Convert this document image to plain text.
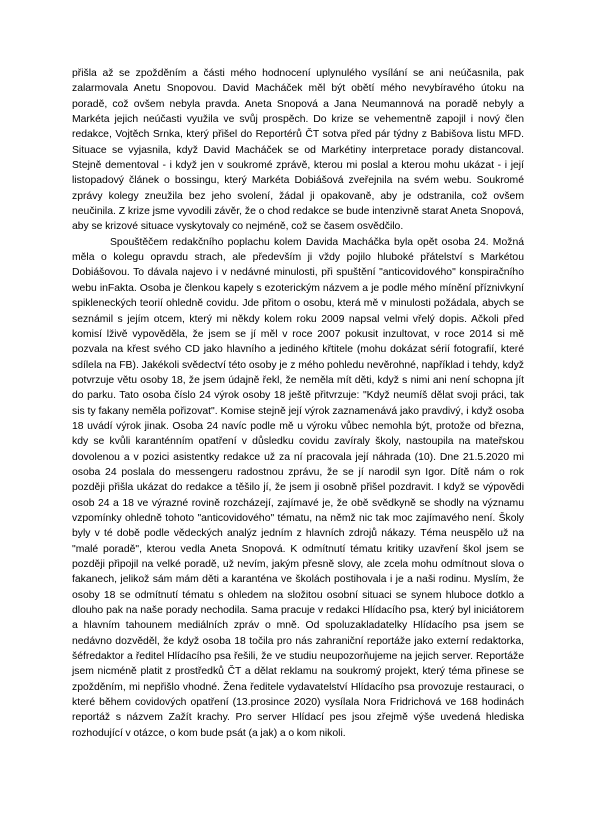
přišla až se zpožděním a části mého hodnocení uplynulého vysílání se ani neúčasnila, pak zalarmovala Anetu Snopovou. David Macháček měl být obětí mého nevybíravého útoku na poradě, což ovšem nebyla pravda. Aneta Snopová a Jana Neumannová na poradě nebyly a Markéta jejich neúčasti využila ve svůj prospěch. Do krize se vehementně zapojil i nový člen redakce, Vojtěch Srnka, který přišel do Reportérů ČT sotva před pár týdny z Babišova listu MFD. Situace se vyjasnila, když David Macháček se od Markétiny interpretace porady distancoval. Stejně dementoval - i když jen v soukromé zprávě, kterou mi poslal a kterou mohu ukázat - i její listopadový článek o bossingu, který Markéta Dobiášová zveřejnila na svém webu. Soukromé zprávy kolegy zneužila bez jeho svolení, žádal ji opakovaně, aby je odstranila, což ovšem neučinila. Z krize jsme vyvodili závěr, že o chod redakce se bude intenzivně starat Aneta Snopová, aby se krizové situace vyskytovaly co nejméně, což se časem osvědčilo.

Spouštěčem redakčního poplachu kolem Davida Macháčka byla opět osoba 24. Možná měla o kolegu opravdu strach, ale především ji vždy pojilo hluboké přátelství s Markétou Dobiášovou. To dávala najevo i v nedávné minulosti, při spuštění "anticovidového" konspiračního webu inFakta. Osoba je členkou kapely s ezoterickým názvem a je podle mého mínění příznivkyní spikleneckých teorií ohledně covidu. Jde přitom o osobu, která mě v minulosti požádala, abych se seznámil s jejím otcem, který mi někdy kolem roku 2009 napsal velmi vřelý dopis. Ačkoli před komisí lživě vypověděla, že jsem se jí měl v roce 2007 pokusit inzultovat, v roce 2014 si mě pozvala na křest svého CD jako hlavního a jediného křtitele (mohu dokázat sérií fotografií, které sdílela na FB). Jakékoli svědectví této osoby je z mého pohledu nevěrohné, například i tehdy, když potvrzuje větu osoby 18, že jsem údajně řekl, že neměla mít děti, když s nimi ani není schopna jít do parku. Tato osoba číslo 24 výrok osoby 18 ještě přitvrzuje: "Když neumíš dělat svoji práci, tak sis ty fakany neměla pořizovat". Komise stejně její výrok zaznamenává jako pravdivý, i když osoba 18 uvádí výrok jinak. Osoba 24 navíc podle mě u výroku vůbec nemohla být, protože od března, kdy se kvůli karanténním opatření v důsledku covidu zavíraly školy, nastoupila na mateřskou dovolenou a v pozici asistentky redakce už za ní pracovala její náhrada (10). Dne 21.5.2020 mi osoba 24 poslala do messengeru radostnou zprávu, že se jí narodil syn Igor. Dítě nám o rok později přišla ukázat do redakce a těšilo jí, že jsem ji osobně přišel pozdravit. I když se výpovědi osob 24 a 18 ve výrazné rovině rozcházejí, zajímavé je, že obě svědkyně se shodly na významu vzpomínky ohledně tohoto "anticovidového" tématu, na němž nic tak moc zajímavého není. Školy byly v té době podle vědeckých analýz jedním z hlavních zdrojů nákazy. Téma neuspělo už na "malé poradě", kterou vedla Aneta Snopová. K odmítnutí tématu kritiky uzavření škol jsem se později připojil na velké poradě, už nevím, jakým přesně slovy, ale zcela mohu odmítnout slova o fakanech, jelikož sám mám děti a karanténa ve školách postihovala i je a naši rodinu. Myslím, že osoby 18 se odmítnutí tématu s ohledem na složitou osobní situaci se synem hluboce dotklo a dlouho pak na naše porady nechodila. Sama pracuje v redakci Hlídacího psa, který byl iniciátorem a hlavním tahounem mediálních zpráv o mně. Od spoluzakladatelky Hlídacího psa jsem se nedávno dozvěděl, že když osoba 18 točila pro nás zahraniční reportáže jako externí redaktorka, šéfredaktor a ředitel Hlídacího psa řešili, že ve studiu neupozorňujeme na jejich server. Reportáže jsem nicméně platit z prostředků ČT a dělat reklamu na soukromý projekt, který téma přinese se zpožděním, mi nepřišlo vhodné. Žena ředitele vydavatelství Hlídacího psa provozuje restauraci, o které během covidových opatření (13.prosince 2020) vysílala Nora Fridrichová ve 168 hodinách reportáž s názvem Zažít krachy. Pro server Hlídací pes jsou zřejmě výše uvedená hlediska rozhodující v otázce, o kom bude psát (a jak) a o kom nikoli.
